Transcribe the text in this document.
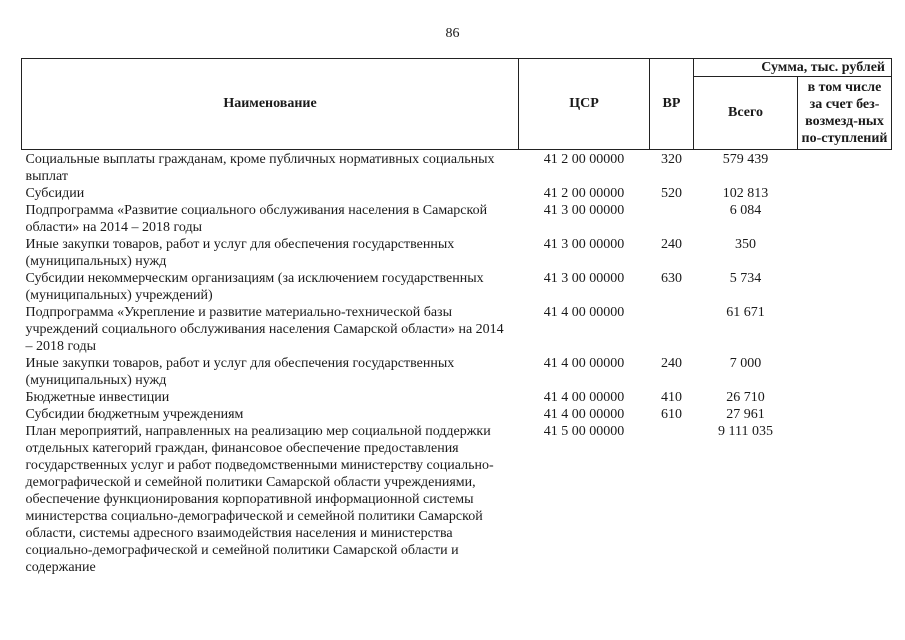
86
Наименование	ЦСР	ВР	Сумма, тыс. рублей	
			Всего	в том числе за счет без-возмезд-ных по-ступлений
Социальные выплаты гражданам, кроме публичных нормативных социальных выплат	41 2 00 00000	320	579 439	
Субсидии	41 2 00 00000	520	102 813	
Подпрограмма «Развитие социального обслуживания населения в Самарской области» на 2014 – 2018 годы	41 3 00 00000		6 084	
Иные закупки товаров, работ и услуг для обеспечения государственных (муниципальных) нужд	41 3 00 00000	240	350	
Субсидии некоммерческим организациям (за исключением государственных (муниципальных) учреждений)	41 3 00 00000	630	5 734	
Подпрограмма «Укрепление и развитие материально-технической базы учреждений социального обслуживания населения Самарской области» на 2014 – 2018 годы	41 4 00 00000		61 671	
Иные закупки товаров, работ и услуг для обеспечения государственных (муниципальных) нужд	41 4 00 00000	240	7 000	
Бюджетные инвестиции	41 4 00 00000	410	26 710	
Субсидии бюджетным учреждениям	41 4 00 00000	610	27 961	
План мероприятий, направленных на реализацию мер социальной поддержки отдельных категорий граждан, финансовое обеспечение предоставления государственных услуг и работ подведомственными министерству социально-демографической и семейной политики Самарской области учреждениями, обеспечение функционирования корпоративной информационной системы министерства социально-демографической и семейной политики Самарской области, системы адресного взаимодействия населения и министерства социально-демографической и семейной политики Самарской области и содержание	41 5 00 00000		9 111 035	
